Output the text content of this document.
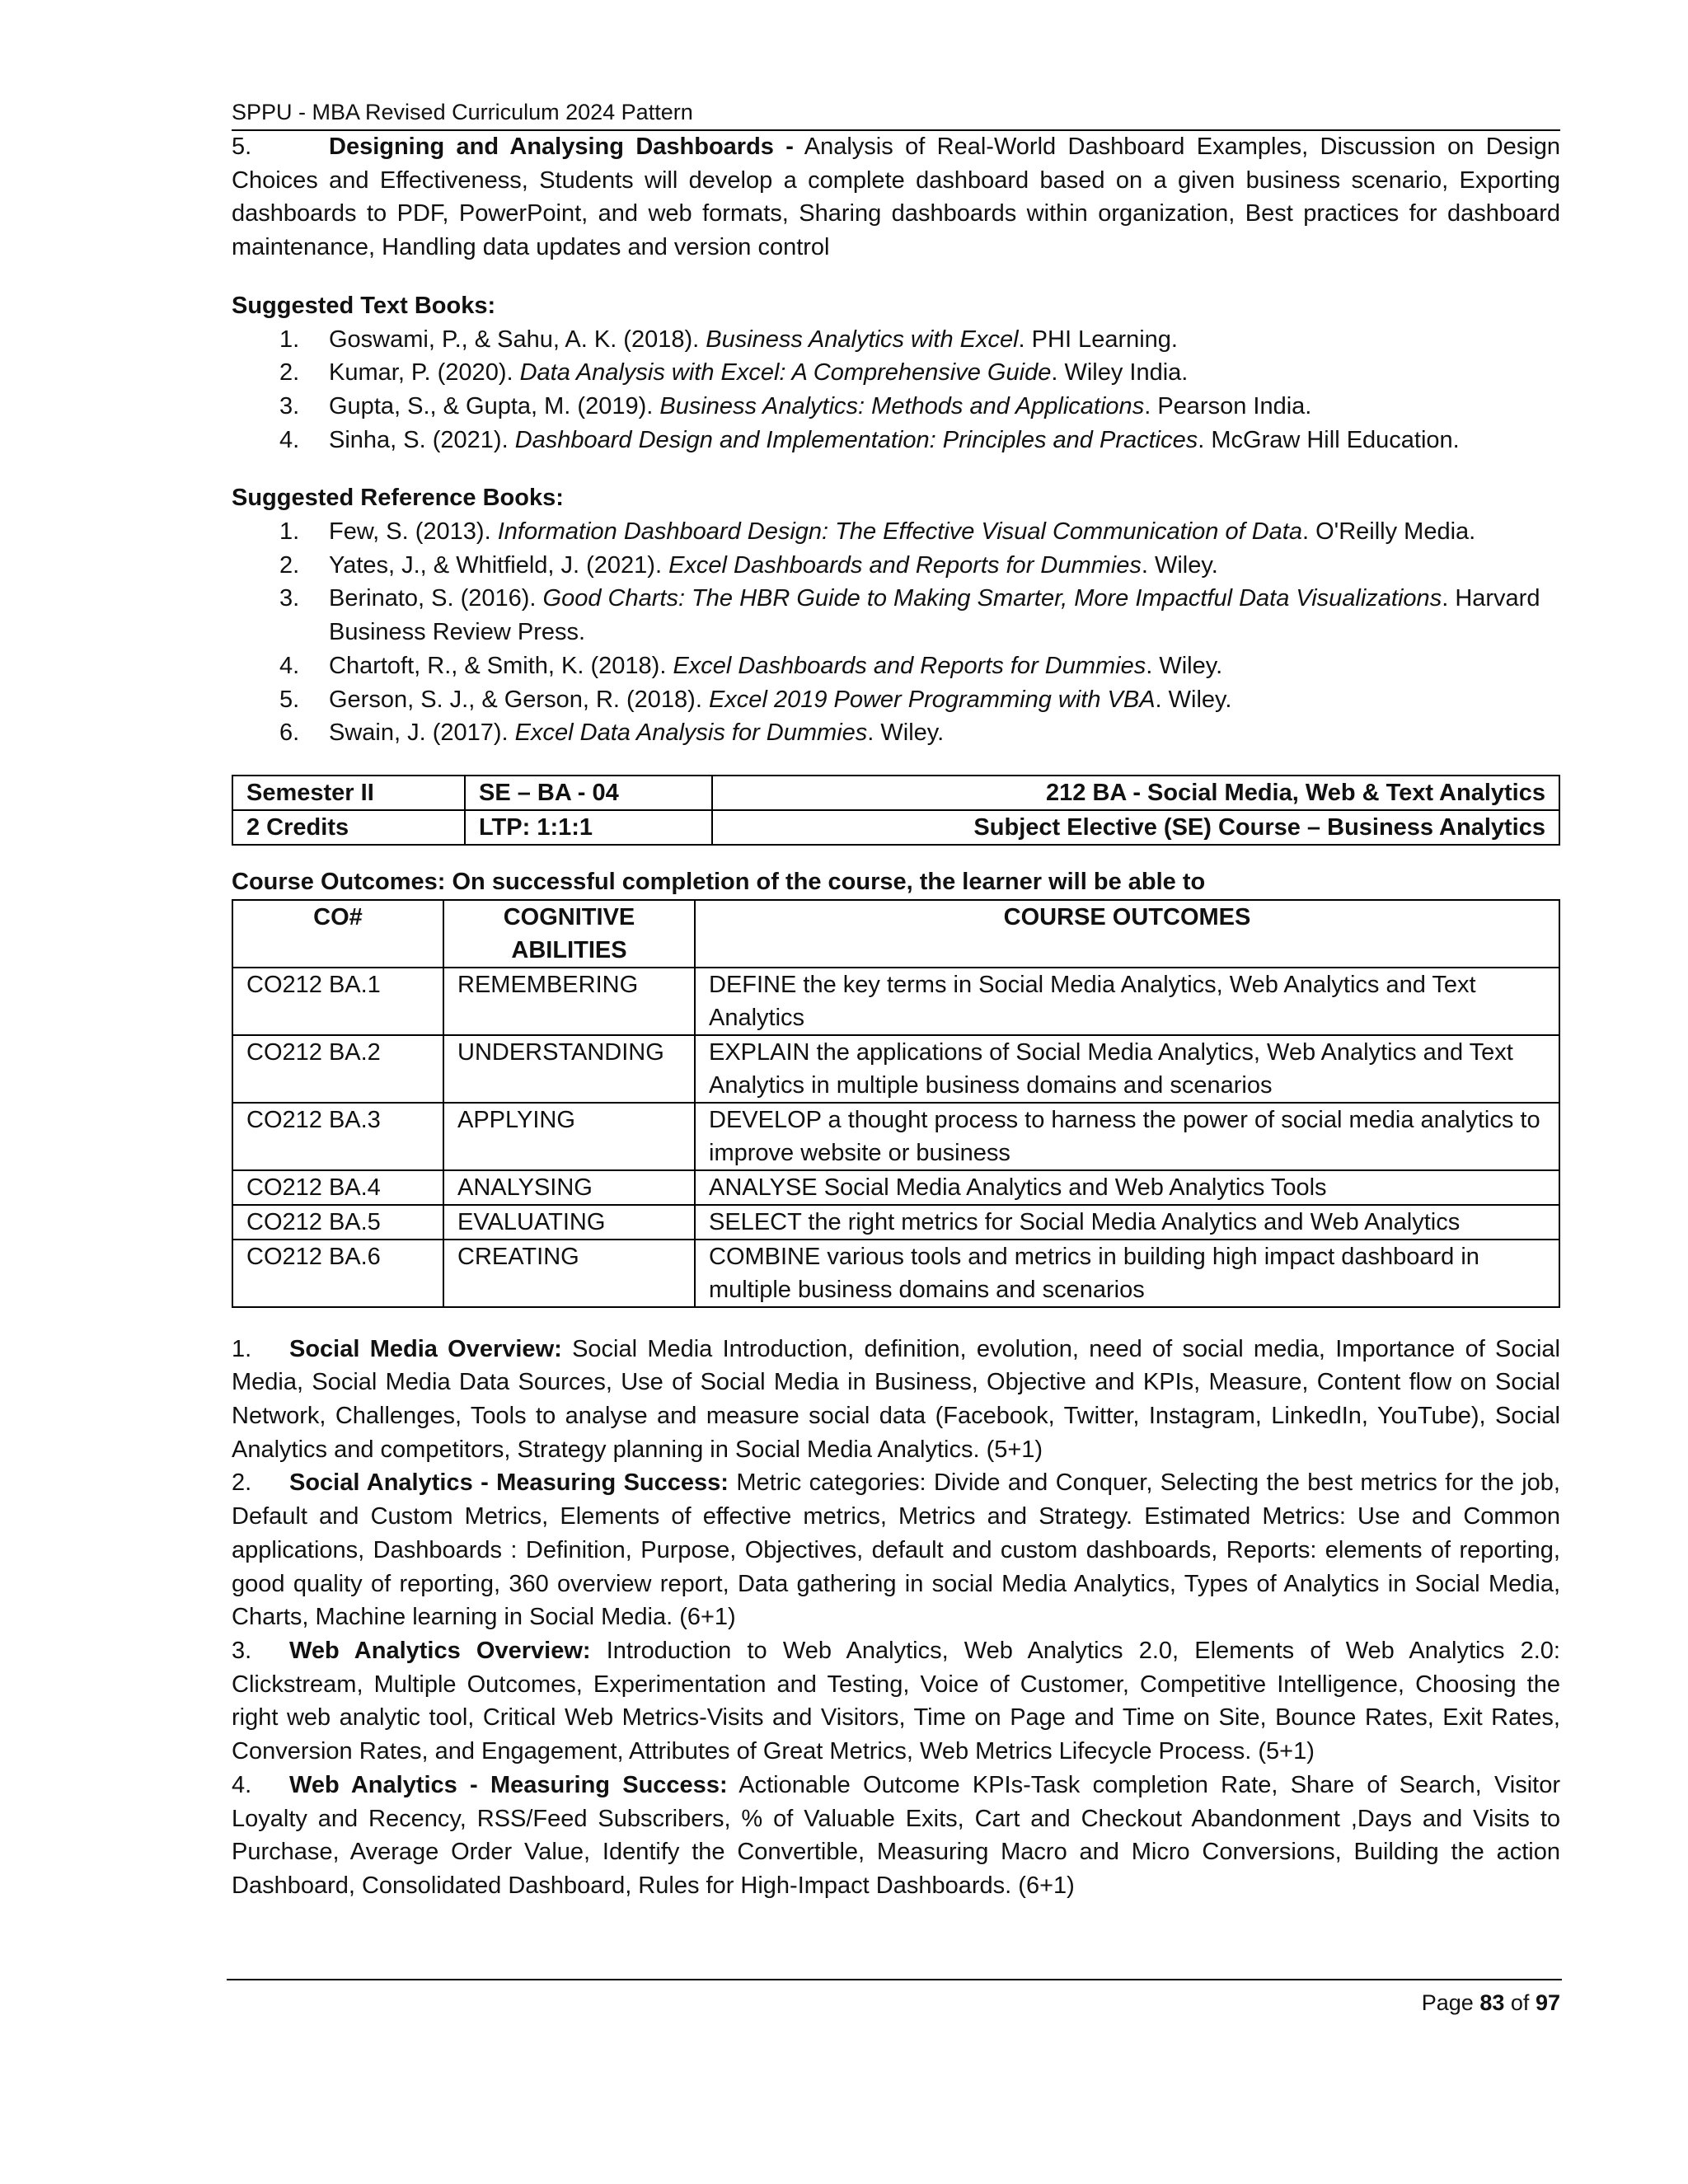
SPPU - MBA Revised Curriculum 2024 Pattern

5.	Designing and Analysing Dashboards - Analysis of Real-World Dashboard Examples, Discussion on Design Choices and Effectiveness, Students will develop a complete dashboard based on a given business scenario, Exporting dashboards to PDF, PowerPoint, and web formats, Sharing dashboards within organization, Best practices for dashboard maintenance, Handling data updates and version control

Suggested Text Books:

1. Goswami, P., & Sahu, A. K. (2018). Business Analytics with Excel. PHI Learning.
2. Kumar, P. (2020). Data Analysis with Excel: A Comprehensive Guide. Wiley India.
3. Gupta, S., & Gupta, M. (2019). Business Analytics: Methods and Applications. Pearson India.
4. Sinha, S. (2021). Dashboard Design and Implementation: Principles and Practices. McGraw Hill Education.

Suggested Reference Books:

1. Few, S. (2013). Information Dashboard Design: The Effective Visual Communication of Data. O'Reilly Media.
2. Yates, J., & Whitfield, J. (2021). Excel Dashboards and Reports for Dummies. Wiley.
3. Berinato, S. (2016). Good Charts: The HBR Guide to Making Smarter, More Impactful Data Visualizations. Harvard Business Review Press.
4. Chartoft, R., & Smith, K. (2018). Excel Dashboards and Reports for Dummies. Wiley.
5. Gerson, S. J., & Gerson, R. (2018). Excel 2019 Power Programming with VBA. Wiley.
6. Swain, J. (2017). Excel Data Analysis for Dummies. Wiley.
Semester II	SE – BA - 04	212 BA - Social Media, Web & Text Analytics
2 Credits	LTP: 1:1:1	Subject Elective (SE) Course – Business Analytics

Course Outcomes: On successful completion of the course, the learner will be able to

CO#	COGNITIVE ABILITIES	COURSE OUTCOMES
CO212 BA.1	REMEMBERING	DEFINE the key terms in Social Media Analytics, Web Analytics and Text Analytics
CO212 BA.2	UNDERSTANDING	EXPLAIN the applications of Social Media Analytics, Web Analytics and Text Analytics in multiple business domains and scenarios
CO212 BA.3	APPLYING	DEVELOP a thought process to harness the power of social media analytics to improve website or business
CO212 BA.4	ANALYSING	ANALYSE Social Media Analytics and Web Analytics Tools
CO212 BA.5	EVALUATING	SELECT the right metrics for Social Media Analytics and Web Analytics
CO212 BA.6	CREATING	COMBINE various tools and metrics in building high impact dashboard in multiple business domains and scenarios

1. Social Media Overview: Social Media Introduction, definition, evolution, need of social media, Importance of Social Media, Social Media Data Sources, Use of Social Media in Business, Objective and KPIs, Measure, Content flow on Social Network, Challenges, Tools to analyse and measure social data (Facebook, Twitter, Instagram, LinkedIn, YouTube), Social Analytics and competitors, Strategy planning in Social Media Analytics. (5+1)

2. Social Analytics - Measuring Success: Metric categories: Divide and Conquer, Selecting the best metrics for the job, Default and Custom Metrics, Elements of effective metrics, Metrics and Strategy. Estimated Metrics: Use and Common applications, Dashboards : Definition, Purpose, Objectives, default and custom dashboards, Reports: elements of reporting, good quality of reporting, 360 overview report, Data gathering in social Media Analytics, Types of Analytics in Social Media, Charts, Machine learning in Social Media. (6+1)

3. Web Analytics Overview: Introduction to Web Analytics, Web Analytics 2.0, Elements of Web Analytics 2.0: Clickstream, Multiple Outcomes, Experimentation and Testing, Voice of Customer, Competitive Intelligence, Choosing the right web analytic tool, Critical Web Metrics-Visits and Visitors, Time on Page and Time on Site, Bounce Rates, Exit Rates, Conversion Rates, and Engagement, Attributes of Great Metrics, Web Metrics Lifecycle Process. (5+1)

4. Web Analytics - Measuring Success: Actionable Outcome KPIs-Task completion Rate, Share of Search, Visitor Loyalty and Recency, RSS/Feed Subscribers, % of Valuable Exits, Cart and Checkout Abandonment ,Days and Visits to Purchase, Average Order Value, Identify the Convertible, Measuring Macro and Micro Conversions, Building the action Dashboard, Consolidated Dashboard, Rules for High-Impact Dashboards. (6+1)

Page 83 of 97
